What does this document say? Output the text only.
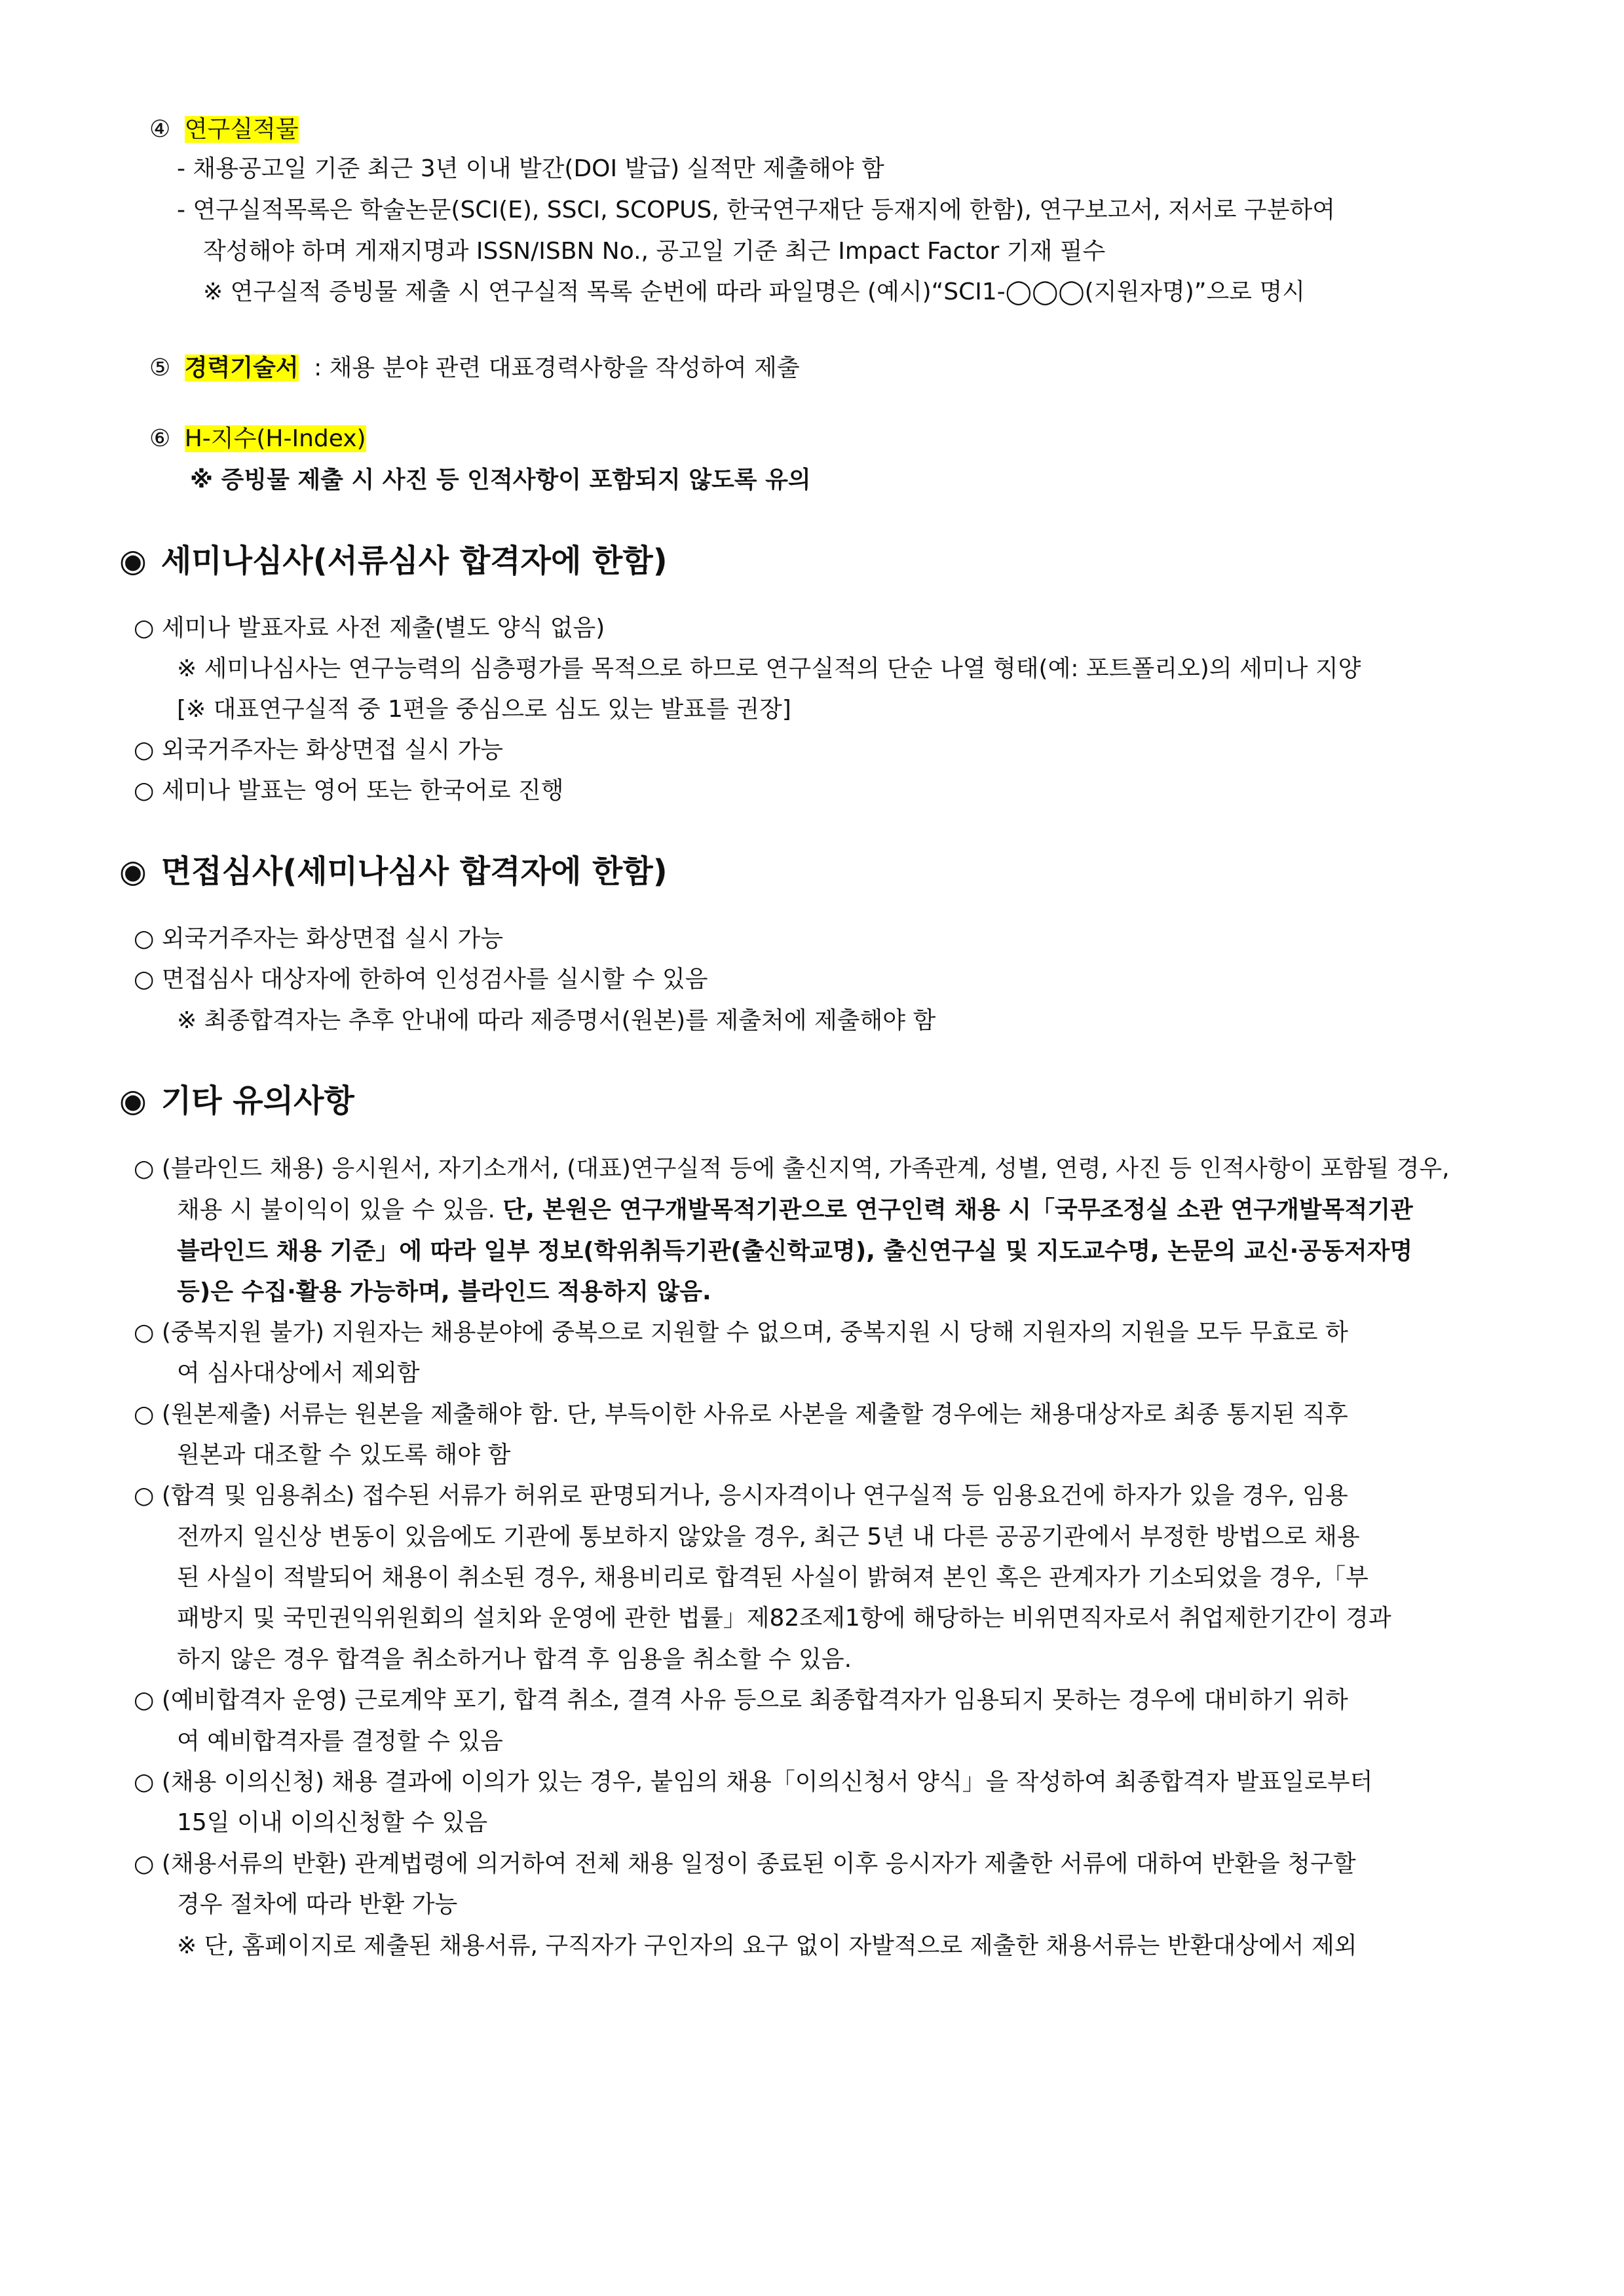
④ 연구실적물
- 채용공고일 기준 최근 3년 이내 발간(DOI 발급) 실적만 제출해야 함
- 연구실적목록은 학술논문(SCI(E), SSCI, SCOPUS, 한국연구재단 등재지에 한함), 연구보고서, 저서로 구분하여
작성해야 하며 게재지명과 ISSN/ISBN No., 공고일 기준 최근 Impact Factor 기재 필수
※ 연구실적 증빙물 제출 시 연구실적 목록 순번에 따라 파일명은 (예시)“SCI1-◯◯◯(지원자명)”으로 명시
⑤ 경력기술서 : 채용 분야 관련 대표경력사항을 작성하여 제출
⑥ H-지수(H-Index)
※ 증빙물 제출 시 사진 등 인적사항이 포함되지 않도록 유의
◉ 세미나심사(서류심사 합격자에 한함)
○ 세미나 발표자료 사전 제출(별도 양식 없음)
※ 세미나심사는 연구능력의 심층평가를 목적으로 하므로 연구실적의 단순 나열 형태(예: 포트폴리오)의 세미나 지양
[※ 대표연구실적 중 1편을 중심으로 심도 있는 발표를 권장]
○ 외국거주자는 화상면접 실시 가능
○ 세미나 발표는 영어 또는 한국어로 진행
◉ 면접심사(세미나심사 합격자에 한함)
○ 외국거주자는 화상면접 실시 가능
○ 면접심사 대상자에 한하여 인성검사를 실시할 수 있음
※ 최종합격자는 추후 안내에 따라 제증명서(원본)를 제출처에 제출해야 함
◉ 기타 유의사항
○ (블라인드 채용) 응시원서, 자기소개서, (대표)연구실적 등에 출신지역, 가족관계, 성별, 연령, 사진 등 인적사항이 포함될 경우,
채용 시 불이익이 있을 수 있음. 단, 본원은 연구개발목적기관으로 연구인력 채용 시「국무조정실 소관 연구개발목적기관
블라인드 채용 기준」에 따라 일부 정보(학위취득기관(출신학교명), 출신연구실 및 지도교수명, 논문의 교신·공동저자명
등)은 수집·활용 가능하며, 블라인드 적용하지 않음.
○ (중복지원 불가) 지원자는 채용분야에 중복으로 지원할 수 없으며, 중복지원 시 당해 지원자의 지원을 모두 무효로 하
여 심사대상에서 제외함
○ (원본제출) 서류는 원본을 제출해야 함. 단, 부득이한 사유로 사본을 제출할 경우에는 채용대상자로 최종 통지된 직후
원본과 대조할 수 있도록 해야 함
○ (합격 및 임용취소) 접수된 서류가 허위로 판명되거나, 응시자격이나 연구실적 등 임용요건에 하자가 있을 경우, 임용
전까지 일신상 변동이 있음에도 기관에 통보하지 않았을 경우, 최근 5년 내 다른 공공기관에서 부정한 방법으로 채용
된 사실이 적발되어 채용이 취소된 경우, 채용비리로 합격된 사실이 밝혀져 본인 혹은 관계자가 기소되었을 경우,「부
패방지 및 국민권익위원회의 설치와 운영에 관한 법률」제82조제1항에 해당하는 비위면직자로서 취업제한기간이 경과
하지 않은 경우 합격을 취소하거나 합격 후 임용을 취소할 수 있음.
○ (예비합격자 운영) 근로계약 포기, 합격 취소, 결격 사유 등으로 최종합격자가 임용되지 못하는 경우에 대비하기 위하
여 예비합격자를 결정할 수 있음
○ (채용 이의신청) 채용 결과에 이의가 있는 경우, 붙임의 채용「이의신청서 양식」을 작성하여 최종합격자 발표일로부터
15일 이내 이의신청할 수 있음
○ (채용서류의 반환) 관계법령에 의거하여 전체 채용 일정이 종료된 이후 응시자가 제출한 서류에 대하여 반환을 청구할
경우 절차에 따라 반환 가능
※ 단, 홈페이지로 제출된 채용서류, 구직자가 구인자의 요구 없이 자발적으로 제출한 채용서류는 반환대상에서 제외
